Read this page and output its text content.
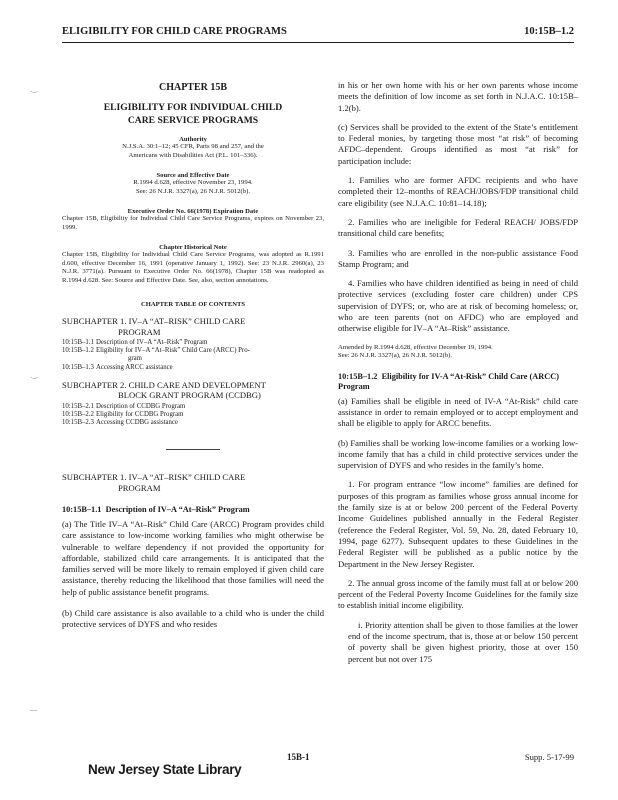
ELIGIBILITY FOR CHILD CARE PROGRAMS	10:15B–1.2
·–·
·–·
––

CHAPTER 15B

ELIGIBILITY FOR INDIVIDUAL CHILD
CARE SERVICE PROGRAMS

Authority

N.J.S.A. 30:1–12; 45 CFR, Parts 98 and 257, and the
Americans with Disabilities Act (P.L. 101–336).

Source and Effective Date

R.1994 d.628, effective November 23, 1994.
See: 26 N.J.R. 3327(a), 26 N.J.R. 5012(b).

Executive Order No. 66(1978) Expiration Date

Chapter 15B, Eligibility for Individual Child Care Service Programs, expires on November 23, 1999.

Chapter Historical Note

Chapter 15B, Eligibility for Individual Child Care Service Programs, was adopted as R.1991 d.600, effective December 16, 1991 (operative January 1, 1992). See: 23 N.J.R. 2960(a), 23 N.J.R. 3771(a). Pursuant to Executive Order No. 66(1978), Chapter 15B was readopted as R.1994 d.628. See: Source and Effective Date. See, also, section annotations.

CHAPTER TABLE OF CONTENTS

SUBCHAPTER 1. IV–A “AT–RISK” CHILD CARE
PROGRAM

10:15B–1.1 Description of IV–A “At–Risk” Program
10:15B–1.2 Eligibility for IV–A “At–Risk” Child Care (ARCC) Pro-
gram
10:15B–1.3 Accessing ARCC assistance

SUBCHAPTER 2. CHILD CARE AND DEVELOPMENT
BLOCK GRANT PROGRAM (CCDBG)

10:15B–2.1 Description of CCDBG Program
10:15B–2.2 Eligibility for CCDBG Program
10:15B–2.3 Accessing CCDBG assistance

SUBCHAPTER 1. IV–A “AT–RISK” CHILD CARE
PROGRAM

10:15B–1.1 Description of IV–A “At–Risk” Program

(a) The Title IV–A “At–Risk” Child Care (ARCC) Program provides child care assistance to low-income working families who might otherwise be vulnerable to welfare dependency if not provided the opportunity for affordable, stabilized child care arrangements. It is anticipated that the families served will be more likely to remain employed if given child care assistance, thereby reducing the likelihood that those families will need the help of public assistance benefit programs.

(b) Child care assistance is also available to a child who is under the child protective services of DYFS and who resides

in his or her own home with his or her own parents whose income meets the definition of low income as set forth in N.J.A.C. 10:15B–1.2(b).

(c) Services shall be provided to the extent of the State’s entitlement to Federal monies, by targeting those most “at risk” of becoming AFDC–dependent. Groups identified as most “at risk” for participation include:

1. Families who are former AFDC recipients and who have completed their 12–months of REACH/JOBS/FDP transitional child care eligibility (see N.J.A.C. 10:81–14.18);

2. Families who are ineligible for Federal REACH/ JOBS/FDP transitional child care benefits;

3. Families who are enrolled in the non-public assistance Food Stamp Program; and

4. Families who have children identified as being in need of child protective services (excluding foster care children) under CPS supervision of DYFS; or, who are at risk of becoming homeless; or, who are teen parents (not on AFDC) who are employed and otherwise eligible for IV–A “At–Risk” assistance.

Amended by R.1994 d.628, effective December 19, 1994.
See: 26 N.J.R. 3327(a), 26 N.J.R. 5012(b).

10:15B–1.2 Eligibility for IV-A “At-Risk” Child Care (ARCC) Program

(a) Families shall be eligible in need of IV-A “At-Risk” child care assistance in order to remain employed or to accept employment and shall be eligible to apply for ARCC benefits.

(b) Families shall be working low-income families or a working low-income family that has a child in child protective services under the supervision of DYFS and who resides in the family’s home.

1. For program entrance “low income” families are defined for purposes of this program as families whose gross annual income for the family size is at or below 200 percent of the Federal Poverty Income Guidelines published annually in the Federal Register (reference the Federal Register, Vol. 59, No. 28, dated February 10, 1994, page 6277). Subsequent updates to these Guidelines in the Federal Register will be published as a public notice by the Department in the New Jersey Register.

2. The annual gross income of the family must fall at or below 200 percent of the Federal Poverty Income Guidelines for the family size to establish initial income eligibility.

i. Priority attention shall be given to those families at the lower end of the income spectrum, that is, those at or below 150 percent of poverty shall be given highest priority, those at over 150 percent but not over 175

15B-1	Supp. 5-17-99
New Jersey State Library
